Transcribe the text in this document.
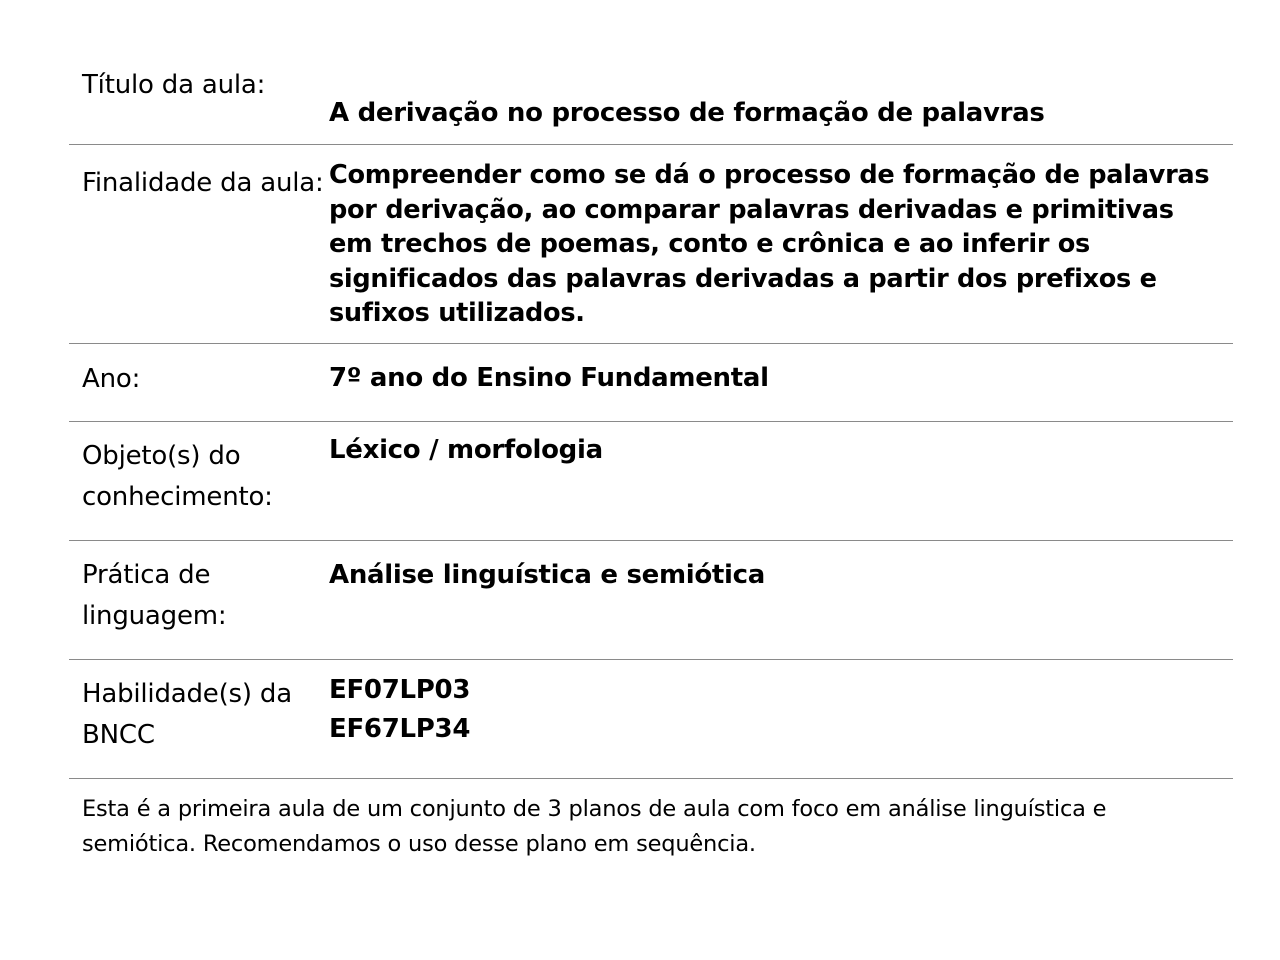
Título da aula:
A derivação no processo de formação de palavras
Finalidade da aula: Compreender como se dá o processo de formação de palavras
por derivação, ao comparar palavras derivadas e primitivas
em trechos de poemas, conto e crônica e ao inferir os
significados das palavras derivadas a partir dos prefixos e
sufixos utilizados.
Ano:	7º ano do Ensino Fundamental
Objeto(s) do conhecimento:
Léxico / morfologia
Prática de linguagem:
Análise linguística e semiótica
Habilidade(s) da BNCC
EF07LP03
EF67LP34
Esta é a primeira aula de um conjunto de 3 planos de aula com foco em análise linguística e semiótica. Recomendamos o uso desse plano em sequência.
